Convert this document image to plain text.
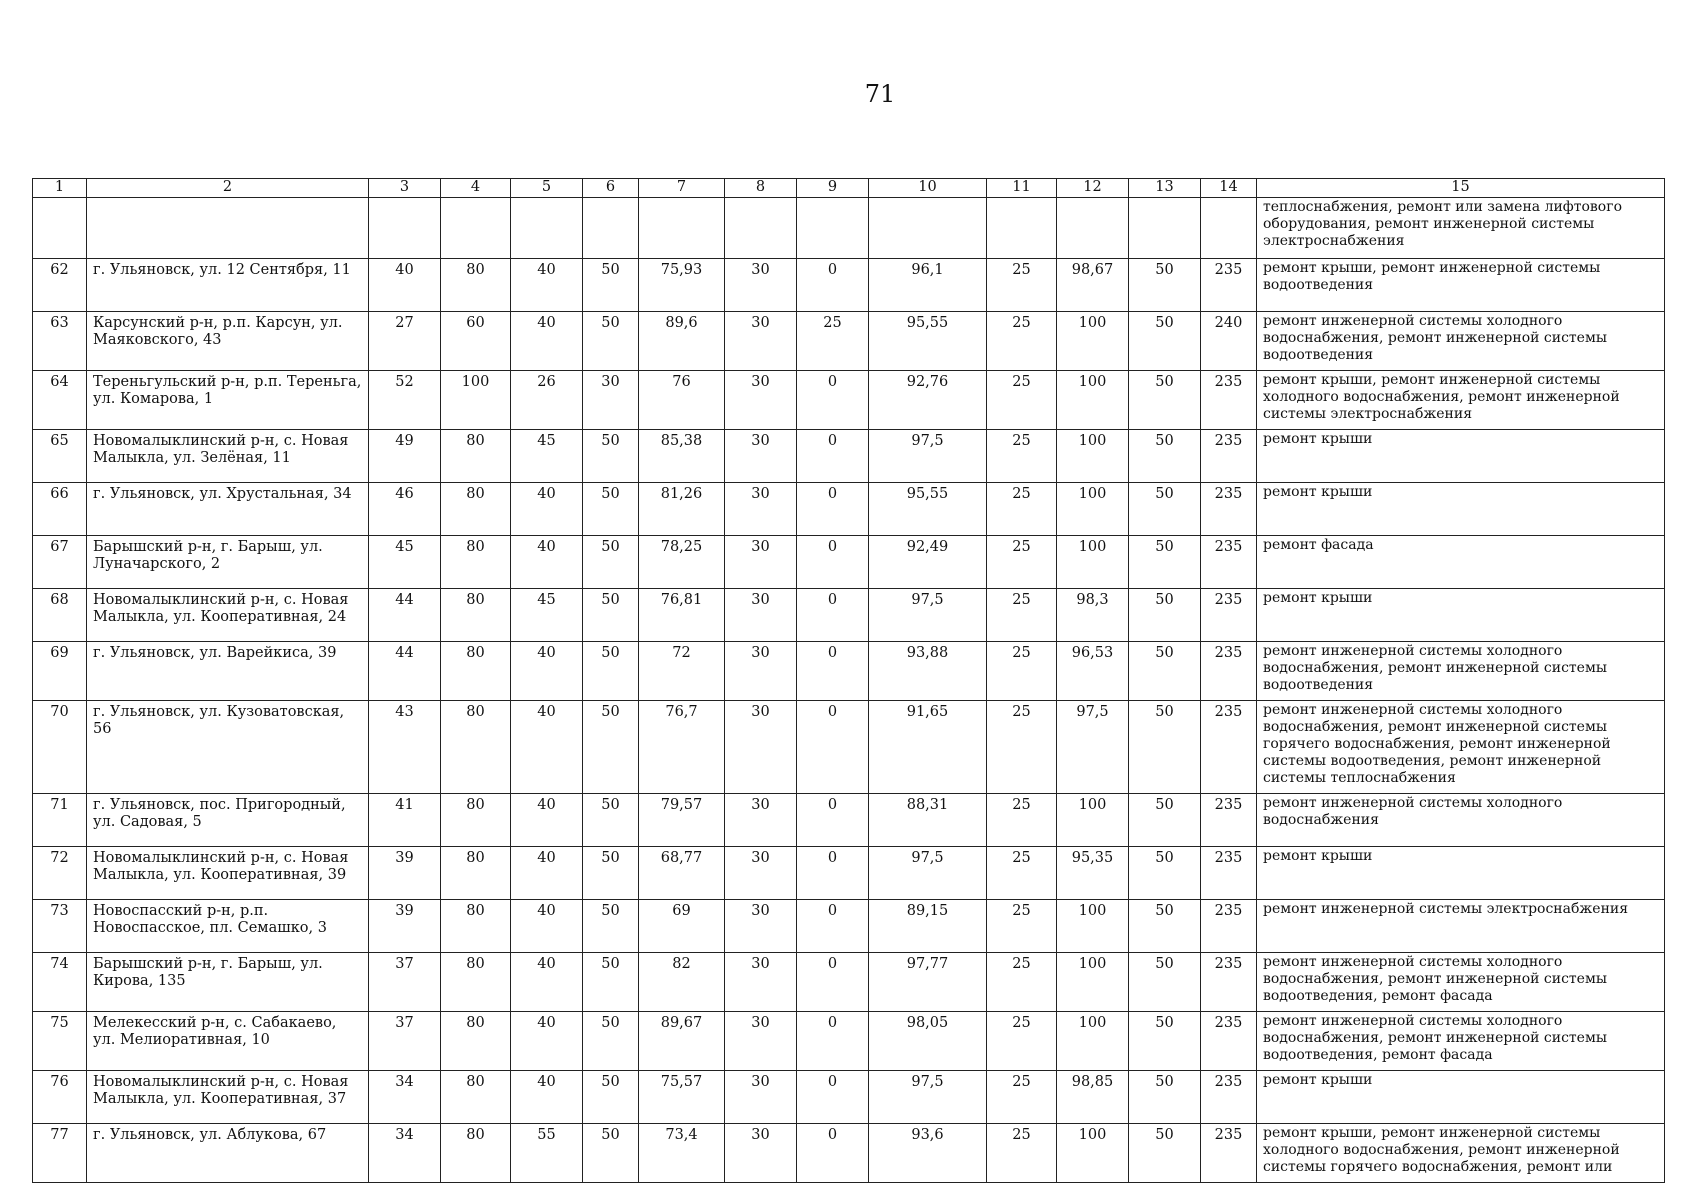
71
1	2	3	4	5	6	7	8	9	10	11	12	13	14	15
														теплоснабжения, ремонт или замена лифтового оборудования, ремонт инженерной системы электроснабжения
62	г. Ульяновск, ул. 12 Сентября, 11	40	80	40	50	75,93	30	0	96,1	25	98,67	50	235	ремонт крыши, ремонт инженерной системы водоотведения
63	Карсунский р-н, р.п. Карсун, ул. Маяковского, 43	27	60	40	50	89,6	30	25	95,55	25	100	50	240	ремонт инженерной системы холодного водоснабжения, ремонт инженерной системы водоотведения
64	Тереньгульский р-н, р.п. Тереньга, ул. Комарова, 1	52	100	26	30	76	30	0	92,76	25	100	50	235	ремонт крыши, ремонт инженерной системы холодного водоснабжения, ремонт инженерной системы электроснабжения
65	Новомалыклинский р-н, с. Новая Малыкла, ул. Зелёная, 11	49	80	45	50	85,38	30	0	97,5	25	100	50	235	ремонт крыши
66	г. Ульяновск, ул. Хрустальная, 34	46	80	40	50	81,26	30	0	95,55	25	100	50	235	ремонт крыши
67	Барышский р-н, г. Барыш, ул. Луначарского, 2	45	80	40	50	78,25	30	0	92,49	25	100	50	235	ремонт фасада
68	Новомалыклинский р-н, с. Новая Малыкла, ул. Кооперативная, 24	44	80	45	50	76,81	30	0	97,5	25	98,3	50	235	ремонт крыши
69	г. Ульяновск, ул. Варейкиса, 39	44	80	40	50	72	30	0	93,88	25	96,53	50	235	ремонт инженерной системы холодного водоснабжения, ремонт инженерной системы водоотведения
70	г. Ульяновск, ул. Кузоватовская, 56	43	80	40	50	76,7	30	0	91,65	25	97,5	50	235	ремонт инженерной системы холодного водоснабжения, ремонт инженерной системы горячего водоснабжения, ремонт инженерной системы водоотведения, ремонт инженерной системы теплоснабжения
71	г. Ульяновск, пос. Пригородный, ул. Садовая, 5	41	80	40	50	79,57	30	0	88,31	25	100	50	235	ремонт инженерной системы холодного водоснабжения
72	Новомалыклинский р-н, с. Новая Малыкла, ул. Кооперативная, 39	39	80	40	50	68,77	30	0	97,5	25	95,35	50	235	ремонт крыши
73	Новоспасский р-н, р.п. Новоспасское, пл. Семашко, 3	39	80	40	50	69	30	0	89,15	25	100	50	235	ремонт инженерной системы электроснабжения
74	Барышский р-н, г. Барыш, ул. Кирова, 135	37	80	40	50	82	30	0	97,77	25	100	50	235	ремонт инженерной системы холодного водоснабжения, ремонт инженерной системы водоотведения, ремонт фасада
75	Мелекесский р-н, с. Сабакаево, ул. Мелиоративная, 10	37	80	40	50	89,67	30	0	98,05	25	100	50	235	ремонт инженерной системы холодного водоснабжения, ремонт инженерной системы водоотведения, ремонт фасада
76	Новомалыклинский р-н, с. Новая Малыкла, ул. Кооперативная, 37	34	80	40	50	75,57	30	0	97,5	25	98,85	50	235	ремонт крыши
77	г. Ульяновск, ул. Аблукова, 67	34	80	55	50	73,4	30	0	93,6	25	100	50	235	ремонт крыши, ремонт инженерной системы холодного водоснабжения, ремонт инженерной системы горячего водоснабжения, ремонт или
